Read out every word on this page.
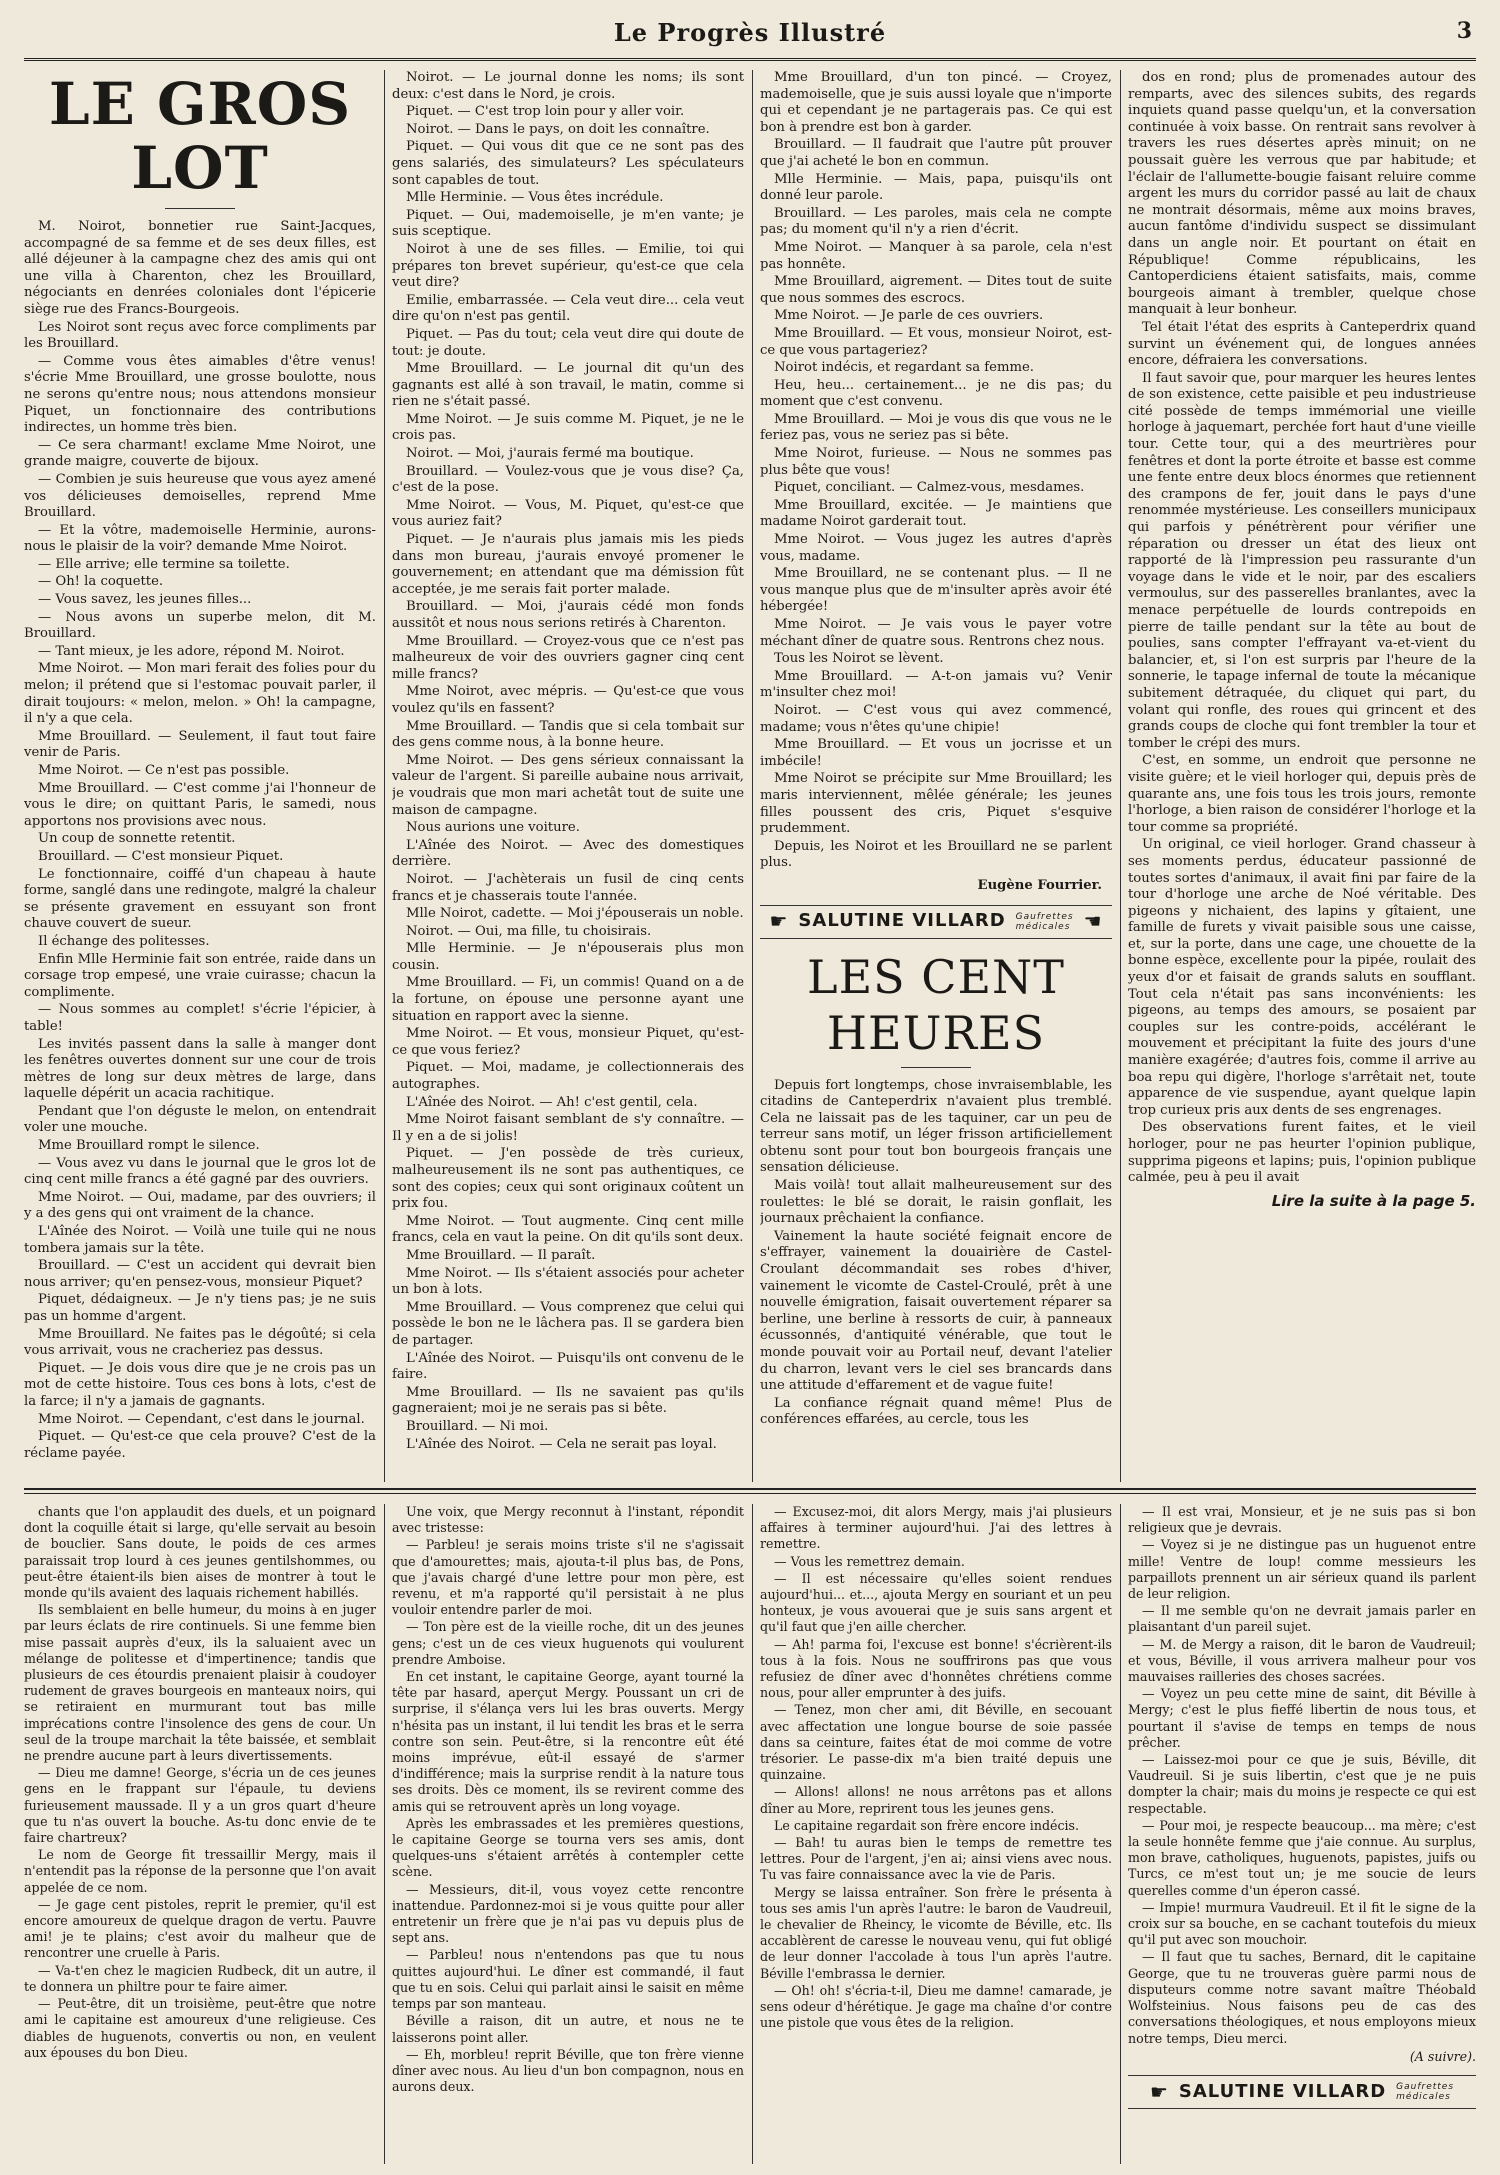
Le Progrès Illustré	3
LE GROS LOT

M. Noirot, bonnetier rue Saint-Jacques, accompagné de sa femme et de ses deux filles, est allé déjeuner à la campagne chez des amis qui ont une villa à Charenton, chez les Brouillard, négociants en denrées coloniales dont l'épicerie siège rue des Francs-Bourgeois.

Les Noirot sont reçus avec force compliments par les Brouillard.

— Comme vous êtes aimables d'être venus! s'écrie Mme Brouillard, une grosse boulotte, nous ne serons qu'entre nous; nous attendons monsieur Piquet, un fonctionnaire des contributions indirectes, un homme très bien.

— Ce sera charmant! exclame Mme Noirot, une grande maigre, couverte de bijoux.

— Combien je suis heureuse que vous ayez amené vos délicieuses demoiselles, reprend Mme Brouillard.

— Et la vôtre, mademoiselle Herminie, aurons-nous le plaisir de la voir? demande Mme Noirot.

— Elle arrive; elle termine sa toilette.

— Oh! la coquette.

— Vous savez, les jeunes filles...

— Nous avons un superbe melon, dit M. Brouillard.

— Tant mieux, je les adore, répond M. Noirot.

Mme Noirot. — Mon mari ferait des folies pour du melon; il prétend que si l'estomac pouvait parler, il dirait toujours: « melon, melon. » Oh! la campagne, il n'y a que cela.

Mme Brouillard. — Seulement, il faut tout faire venir de Paris.

Mme Noirot. — Ce n'est pas possible.

Mme Brouillard. — C'est comme j'ai l'honneur de vous le dire; on quittant Paris, le samedi, nous apportons nos provisions avec nous.

Un coup de sonnette retentit.

Brouillard. — C'est monsieur Piquet.

Le fonctionnaire, coiffé d'un chapeau à haute forme, sanglé dans une redingote, malgré la chaleur se présente gravement en essuyant son front chauve couvert de sueur.

Il échange des politesses.

Enfin Mlle Herminie fait son entrée, raide dans un corsage trop empesé, une vraie cuirasse; chacun la complimente.

— Nous sommes au complet! s'écrie l'épicier, à table!

Les invités passent dans la salle à manger dont les fenêtres ouvertes donnent sur une cour de trois mètres de long sur deux mètres de large, dans laquelle dépérit un acacia rachitique.

Pendant que l'on déguste le melon, on entendrait voler une mouche.

Mme Brouillard rompt le silence.

— Vous avez vu dans le journal que le gros lot de cinq cent mille francs a été gagné par des ouvriers.

Mme Noirot. — Oui, madame, par des ouvriers; il y a des gens qui ont vraiment de la chance.

L'Aînée des Noirot. — Voilà une tuile qui ne nous tombera jamais sur la tête.

Brouillard. — C'est un accident qui devrait bien nous arriver; qu'en pensez-vous, monsieur Piquet?

Piquet, dédaigneux. — Je n'y tiens pas; je ne suis pas un homme d'argent.

Mme Brouillard. Ne faites pas le dégoûté; si cela vous arrivait, vous ne cracheriez pas dessus.

Piquet. — Je dois vous dire que je ne crois pas un mot de cette histoire. Tous ces bons à lots, c'est de la farce; il n'y a jamais de gagnants.

Mme Noirot. — Cependant, c'est dans le journal.

Piquet. — Qu'est-ce que cela prouve? C'est de la réclame payée.

Noirot. — Le journal donne les noms; ils sont deux: c'est dans le Nord, je crois.

Piquet. — C'est trop loin pour y aller voir.

Noirot. — Dans le pays, on doit les connaître.

Piquet. — Qui vous dit que ce ne sont pas des gens salariés, des simulateurs? Les spéculateurs sont capables de tout.

Mlle Herminie. — Vous êtes incrédule.

Piquet. — Oui, mademoiselle, je m'en vante; je suis sceptique.

Noirot à une de ses filles. — Emilie, toi qui prépares ton brevet supérieur, qu'est-ce que cela veut dire?

Emilie, embarrassée. — Cela veut dire... cela veut dire qu'on n'est pas gentil.

Piquet. — Pas du tout; cela veut dire qui doute de tout: je doute.

Mme Brouillard. — Le journal dit qu'un des gagnants est allé à son travail, le matin, comme si rien ne s'était passé.

Mme Noirot. — Je suis comme M. Piquet, je ne le crois pas.

Noirot. — Moi, j'aurais fermé ma boutique.

Brouillard. — Voulez-vous que je vous dise? Ça, c'est de la pose.

Mme Noirot. — Vous, M. Piquet, qu'est-ce que vous auriez fait?

Piquet. — Je n'aurais plus jamais mis les pieds dans mon bureau, j'aurais envoyé promener le gouvernement; en attendant que ma démission fût acceptée, je me serais fait porter malade.

Brouillard. — Moi, j'aurais cédé mon fonds aussitôt et nous nous serions retirés à Charenton.

Mme Brouillard. — Croyez-vous que ce n'est pas malheureux de voir des ouvriers gagner cinq cent mille francs?

Mme Noirot, avec mépris. — Qu'est-ce que vous voulez qu'ils en fassent?

Mme Brouillard. — Tandis que si cela tombait sur des gens comme nous, à la bonne heure.

Mme Noirot. — Des gens sérieux connaissant la valeur de l'argent. Si pareille aubaine nous arrivait, je voudrais que mon mari achetât tout de suite une maison de campagne.

Nous aurions une voiture.

L'Aînée des Noirot. — Avec des domestiques derrière.

Noirot. — J'achèterais un fusil de cinq cents francs et je chasserais toute l'année.

Mlle Noirot, cadette. — Moi j'épouserais un noble.

Noirot. — Oui, ma fille, tu choisirais.

Mlle Herminie. — Je n'épouserais plus mon cousin.

Mme Brouillard. — Fi, un commis! Quand on a de la fortune, on épouse une personne ayant une situation en rapport avec la sienne.

Mme Noirot. — Et vous, monsieur Piquet, qu'est-ce que vous feriez?

Piquet. — Moi, madame, je collectionnerais des autographes.

L'Aînée des Noirot. — Ah! c'est gentil, cela.

Mme Noirot faisant semblant de s'y connaître. — Il y en a de si jolis!

Piquet. — J'en possède de très curieux, malheureusement ils ne sont pas authentiques, ce sont des copies; ceux qui sont originaux coûtent un prix fou.

Mme Noirot. — Tout augmente. Cinq cent mille francs, cela en vaut la peine. On dit qu'ils sont deux.

Mme Brouillard. — Il paraît.

Mme Noirot. — Ils s'étaient associés pour acheter un bon à lots.

Mme Brouillard. — Vous comprenez que celui qui possède le bon ne le lâchera pas. Il se gardera bien de partager.

L'Aînée des Noirot. — Puisqu'ils ont convenu de le faire.

Mme Brouillard. — Ils ne savaient pas qu'ils gagneraient; moi je ne serais pas si bête.

Brouillard. — Ni moi.

L'Aînée des Noirot. — Cela ne serait pas loyal.

Mme Brouillard, d'un ton pincé. — Croyez, mademoiselle, que je suis aussi loyale que n'importe qui et cependant je ne partagerais pas. Ce qui est bon à prendre est bon à garder.

Brouillard. — Il faudrait que l'autre pût prouver que j'ai acheté le bon en commun.

Mlle Herminie. — Mais, papa, puisqu'ils ont donné leur parole.

Brouillard. — Les paroles, mais cela ne compte pas; du moment qu'il n'y a rien d'écrit.

Mme Noirot. — Manquer à sa parole, cela n'est pas honnête.

Mme Brouillard, aigrement. — Dites tout de suite que nous sommes des escrocs.

Mme Noirot. — Je parle de ces ouvriers.

Mme Brouillard. — Et vous, monsieur Noirot, est-ce que vous partageriez?

Noirot indécis, et regardant sa femme.

Heu, heu... certainement... je ne dis pas; du moment que c'est convenu.

Mme Brouillard. — Moi je vous dis que vous ne le feriez pas, vous ne seriez pas si bête.

Mme Noirot, furieuse. — Nous ne sommes pas plus bête que vous!

Piquet, conciliant. — Calmez-vous, mesdames.

Mme Brouillard, excitée. — Je maintiens que madame Noirot garderait tout.

Mme Noirot. — Vous jugez les autres d'après vous, madame.

Mme Brouillard, ne se contenant plus. — Il ne vous manque plus que de m'insulter après avoir été hébergée!

Mme Noirot. — Je vais vous le payer votre méchant dîner de quatre sous. Rentrons chez nous.

Tous les Noirot se lèvent.

Mme Brouillard. — A-t-on jamais vu? Venir m'insulter chez moi!

Noirot. — C'est vous qui avez commencé, madame; vous n'êtes qu'une chipie!

Mme Brouillard. — Et vous un jocrisse et un imbécile!

Mme Noirot se précipite sur Mme Brouillard; les maris interviennent, mêlée générale; les jeunes filles poussent des cris, Piquet s'esquive prudemment.

Depuis, les Noirot et les Brouillard ne se parlent plus.

Eugène Fourrier.
☛ SALUTINE VILLARD Gaufrettes
médicales ☚
LES CENT HEURES

Depuis fort longtemps, chose invraisemblable, les citadins de Canteperdrix n'avaient plus tremblé. Cela ne laissait pas de les taquiner, car un peu de terreur sans motif, un léger frisson artificiellement obtenu sont pour tout bon bourgeois français une sensation délicieuse.

Mais voilà! tout allait malheureusement sur des roulettes: le blé se dorait, le raisin gonflait, les journaux prêchaient la confiance.

Vainement la haute société feignait encore de s'effrayer, vainement la douairière de Castel-Croulant décommandait ses robes d'hiver, vainement le vicomte de Castel-Croulé, prêt à une nouvelle émigration, faisait ouvertement réparer sa berline, une berline à ressorts de cuir, à panneaux écussonnés, d'antiquité vénérable, que tout le monde pouvait voir au Portail neuf, devant l'atelier du charron, levant vers le ciel ses brancards dans une attitude d'effarement et de vague fuite!

La confiance régnait quand même! Plus de conférences effarées, au cercle, tous les

dos en rond; plus de promenades autour des remparts, avec des silences subits, des regards inquiets quand passe quelqu'un, et la conversation continuée à voix basse. On rentrait sans revolver à travers les rues désertes après minuit; on ne poussait guère les verrous que par habitude; et l'éclair de l'allumette-bougie faisant reluire comme argent les murs du corridor passé au lait de chaux ne montrait désormais, même aux moins braves, aucun fantôme d'individu suspect se dissimulant dans un angle noir. Et pourtant on était en République! Comme républicains, les Cantoperdiciens étaient satisfaits, mais, comme bourgeois aimant à trembler, quelque chose manquait à leur bonheur.

Tel était l'état des esprits à Canteperdrix quand survint un événement qui, de longues années encore, défraiera les conversations.

Il faut savoir que, pour marquer les heures lentes de son existence, cette paisible et peu industrieuse cité possède de temps immémorial une vieille horloge à jaquemart, perchée fort haut d'une vieille tour. Cette tour, qui a des meurtrières pour fenêtres et dont la porte étroite et basse est comme une fente entre deux blocs énormes que retiennent des crampons de fer, jouit dans le pays d'une renommée mystérieuse. Les conseillers municipaux qui parfois y pénétrèrent pour vérifier une réparation ou dresser un état des lieux ont rapporté de là l'impression peu rassurante d'un voyage dans le vide et le noir, par des escaliers vermoulus, sur des passerelles branlantes, avec la menace perpétuelle de lourds contrepoids en pierre de taille pendant sur la tête au bout de poulies, sans compter l'effrayant va-et-vient du balancier, et, si l'on est surpris par l'heure de la sonnerie, le tapage infernal de toute la mécanique subitement détraquée, du cliquet qui part, du volant qui ronfle, des roues qui grincent et des grands coups de cloche qui font trembler la tour et tomber le crépi des murs.

C'est, en somme, un endroit que personne ne visite guère; et le vieil horloger qui, depuis près de quarante ans, une fois tous les trois jours, remonte l'horloge, a bien raison de considérer l'horloge et la tour comme sa propriété.

Un original, ce vieil horloger. Grand chasseur à ses moments perdus, éducateur passionné de toutes sortes d'animaux, il avait fini par faire de la tour d'horloge une arche de Noé véritable. Des pigeons y nichaient, des lapins y gîtaient, une famille de furets y vivait paisible sous une caisse, et, sur la porte, dans une cage, une chouette de la bonne espèce, excellente pour la pipée, roulait des yeux d'or et faisait de grands saluts en soufflant. Tout cela n'était pas sans inconvénients: les pigeons, au temps des amours, se posaient par couples sur les contre-poids, accélérant le mouvement et précipitant la fuite des jours d'une manière exagérée; d'autres fois, comme il arrive au boa repu qui digère, l'horloge s'arrêtait net, toute apparence de vie suspendue, ayant quelque lapin trop curieux pris aux dents de ses engrenages.

Des observations furent faites, et le vieil horloger, pour ne pas heurter l'opinion publique, supprima pigeons et lapins; puis, l'opinion publique calmée, peu à peu il avait

Lire la suite à la page 5.

chants que l'on applaudit des duels, et un poignard dont la coquille était si large, qu'elle servait au besoin de bouclier. Sans doute, le poids de ces armes paraissait trop lourd à ces jeunes gentilshommes, ou peut-être étaient-ils bien aises de montrer à tout le monde qu'ils avaient des laquais richement habillés.

Ils semblaient en belle humeur, du moins à en juger par leurs éclats de rire continuels. Si une femme bien mise passait auprès d'eux, ils la saluaient avec un mélange de politesse et d'impertinence; tandis que plusieurs de ces étourdis prenaient plaisir à coudoyer rudement de graves bourgeois en manteaux noirs, qui se retiraient en murmurant tout bas mille imprécations contre l'insolence des gens de cour. Un seul de la troupe marchait la tête baissée, et semblait ne prendre aucune part à leurs divertissements.

— Dieu me damne! George, s'écria un de ces jeunes gens en le frappant sur l'épaule, tu deviens furieusement maussade. Il y a un gros quart d'heure que tu n'as ouvert la bouche. As-tu donc envie de te faire chartreux?

Le nom de George fit tressaillir Mergy, mais il n'entendit pas la réponse de la personne que l'on avait appelée de ce nom.

— Je gage cent pistoles, reprit le premier, qu'il est encore amoureux de quelque dragon de vertu. Pauvre ami! je te plains; c'est avoir du malheur que de rencontrer une cruelle à Paris.

— Va-t'en chez le magicien Rudbeck, dit un autre, il te donnera un philtre pour te faire aimer.

— Peut-être, dit un troisième, peut-être que notre ami le capitaine est amoureux d'une religieuse. Ces diables de huguenots, convertis ou non, en veulent aux épouses du bon Dieu.

Une voix, que Mergy reconnut à l'instant, répondit avec tristesse:

— Parbleu! je serais moins triste s'il ne s'agissait que d'amourettes; mais, ajouta-t-il plus bas, de Pons, que j'avais chargé d'une lettre pour mon père, est revenu, et m'a rapporté qu'il persistait à ne plus vouloir entendre parler de moi.

— Ton père est de la vieille roche, dit un des jeunes gens; c'est un de ces vieux huguenots qui voulurent prendre Amboise.

En cet instant, le capitaine George, ayant tourné la tête par hasard, aperçut Mergy. Poussant un cri de surprise, il s'élança vers lui les bras ouverts. Mergy n'hésita pas un instant, il lui tendit les bras et le serra contre son sein. Peut-être, si la rencontre eût été moins imprévue, eût-il essayé de s'armer d'indifférence; mais la surprise rendit à la nature tous ses droits. Dès ce moment, ils se revirent comme des amis qui se retrouvent après un long voyage.

Après les embrassades et les premières questions, le capitaine George se tourna vers ses amis, dont quelques-uns s'étaient arrêtés à contempler cette scène.

— Messieurs, dit-il, vous voyez cette rencontre inattendue. Pardonnez-moi si je vous quitte pour aller entretenir un frère que je n'ai pas vu depuis plus de sept ans.

— Parbleu! nous n'entendons pas que tu nous quittes aujourd'hui. Le dîner est commandé, il faut que tu en sois. Celui qui parlait ainsi le saisit en même temps par son manteau.

Béville a raison, dit un autre, et nous ne te laisserons point aller.

— Eh, morbleu! reprit Béville, que ton frère vienne dîner avec nous. Au lieu d'un bon compagnon, nous en aurons deux.

— Excusez-moi, dit alors Mergy, mais j'ai plusieurs affaires à terminer aujourd'hui. J'ai des lettres à remettre.

— Vous les remettrez demain.

— Il est nécessaire qu'elles soient rendues aujourd'hui... et..., ajouta Mergy en souriant et un peu honteux, je vous avouerai que je suis sans argent et qu'il faut que j'en aille chercher.

— Ah! parma foi, l'excuse est bonne! s'écrièrent-ils tous à la fois. Nous ne souffrirons pas que vous refusiez de dîner avec d'honnêtes chrétiens comme nous, pour aller emprunter à des juifs.

— Tenez, mon cher ami, dit Béville, en secouant avec affectation une longue bourse de soie passée dans sa ceinture, faites état de moi comme de votre trésorier. Le passe-dix m'a bien traité depuis une quinzaine.

— Allons! allons! ne nous arrêtons pas et allons dîner au More, reprirent tous les jeunes gens.

Le capitaine regardait son frère encore indécis.

— Bah! tu auras bien le temps de remettre tes lettres. Pour de l'argent, j'en ai; ainsi viens avec nous. Tu vas faire connaissance avec la vie de Paris.

Mergy se laissa entraîner. Son frère le présenta à tous ses amis l'un après l'autre: le baron de Vaudreuil, le chevalier de Rheincy, le vicomte de Béville, etc. Ils accablèrent de caresse le nouveau venu, qui fut obligé de leur donner l'accolade à tous l'un après l'autre. Béville l'embrassa le dernier.

— Oh! oh! s'écria-t-il, Dieu me damne! camarade, je sens odeur d'hérétique. Je gage ma chaîne d'or contre une pistole que vous êtes de la religion.

— Il est vrai, Monsieur, et je ne suis pas si bon religieux que je devrais.

— Voyez si je ne distingue pas un huguenot entre mille! Ventre de loup! comme messieurs les parpaillots prennent un air sérieux quand ils parlent de leur religion.

— Il me semble qu'on ne devrait jamais parler en plaisantant d'un pareil sujet.

— M. de Mergy a raison, dit le baron de Vaudreuil; et vous, Béville, il vous arrivera malheur pour vos mauvaises railleries des choses sacrées.

— Voyez un peu cette mine de saint, dit Béville à Mergy; c'est le plus fieffé libertin de nous tous, et pourtant il s'avise de temps en temps de nous prêcher.

— Laissez-moi pour ce que je suis, Béville, dit Vaudreuil. Si je suis libertin, c'est que je ne puis dompter la chair; mais du moins je respecte ce qui est respectable.

— Pour moi, je respecte beaucoup... ma mère; c'est la seule honnête femme que j'aie connue. Au surplus, mon brave, catholiques, huguenots, papistes, juifs ou Turcs, ce m'est tout un; je me soucie de leurs querelles comme d'un éperon cassé.

— Impie! murmura Vaudreuil. Et il fit le signe de la croix sur sa bouche, en se cachant toutefois du mieux qu'il put avec son mouchoir.

— Il faut que tu saches, Bernard, dit le capitaine George, que tu ne trouveras guère parmi nous de disputeurs comme notre savant maître Théobald Wolfsteinius. Nous faisons peu de cas des conversations théologiques, et nous employons mieux notre temps, Dieu merci.

(A suivre).
☛ SALUTINE VILLARD Gaufrettes
médicales
